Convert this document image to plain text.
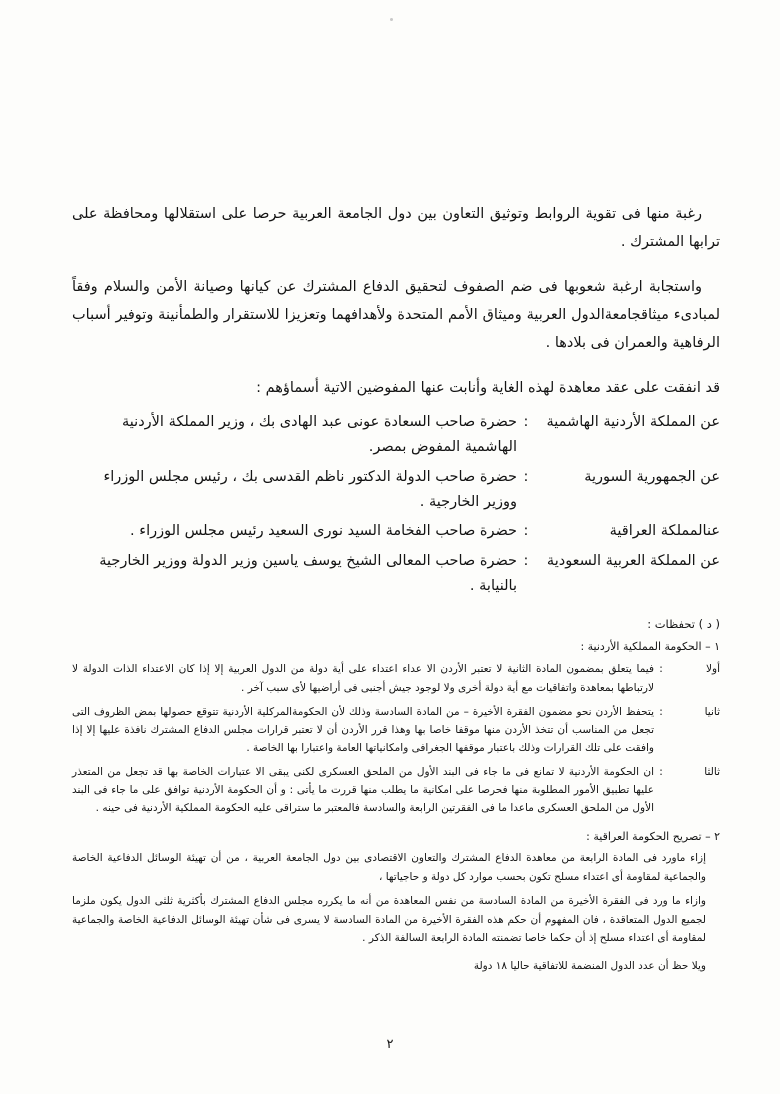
رغبة منها فى تقوية الروابط وتوثيق التعاون بين دول الجامعة العربية حرصا على استقلالها ومحافظة على ترابها المشترك .

واستجابة ارغبة شعوبها فى ضم الصفوف لتحقيق الدفاع المشترك عن كيانها وصيانة الأمن والسلام وفقاً لمبادىء ميثاقجامعةالدول العربية وميثاق الأمم المتحدة ولأهدافهما وتعزيزا للاستقرار والطمأنينة وتوفير أسباب الرفاهية والعمران فى بلادها .

قد انفقت على عقد معاهدة لهذه الغاية وأنابت عنها المفوضين الاتية أسماؤهم :

عن المملكة الأردنية الهاشمية	:	حضرة صاحب السعادة عونى عبد الهادى بك ، وزير المملكة الأردنية الهاشمية المفوض بمصر.
عن الجمهورية السورية	:	حضرة صاحب الدولة الدكتور ناظم القدسى بك ، رئيس مجلس الوزراء ووزير الخارجية .
عنالمملكة العراقية	:	حضرة صاحب الفخامة السيد نورى السعيد رئيس مجلس الوزراء .
عن المملكة العربية السعودية	:	حضرة صاحب المعالى الشيخ يوسف ياسين وزير الدولة ووزير الخارجية بالنيابة .

( د ) تحفظات :

١ – الحكومة المملكية الأردنية :

أولا	:	فيما يتعلق بمضمون المادة الثانية لا تعتبر الأردن الا عداء اعتداء على أية دولة من الدول العربية إلا إذا كان الاعتداء الذات الدولة لا لارتباطها بمعاهدة واتفاقيات مع أية دولة أخرى ولا لوجود جيش أجنبى فى أراضيها لأى سبب آخر .
ثانيا	:	يتحفظ الأردن نحو مضمون الفقرة الأخيرة – من المادة السادسة وذلك لأن الحكومةالمركلية الأردنية تتوقع حصولها بمض الظروف التى تجعل من المناسب أن تتخذ الأردن منها موقفا خاصا بها وهذا قرر الأردن أن لا تعتبر قرارات مجلس الدفاع المشترك نافذة عليها إلا إذا وافقت على تلك القرارات وذلك باعتبار موقفها الجغرافى وامكانياتها العامة واعتبارا بها الخاصة .
ثالثا	:	ان الحكومة الأردنية لا تمانع فى ما جاء فى البند الأول من الملحق العسكرى لكنى يبقى الا عتبارات الخاصة بها قد تجعل من المتعذر عليها تطبيق الأمور المطلوبة منها فحرصا على امكانية ما يطلب منها قررت ما يأتى : و أن الحكومة الأردنية توافق على ما جاء فى البند الأول من الملحق العسكرى ماعدا ما فى الفقرتين الرابعة والسادسة فالمعتبر ما ستراقى عليه الحكومة المملكية الأردنية فى حينه .

٢ – تصريح الحكومة العراقية :

إزاء ماورد فى المادة الرابعة من معاهدة الدفاع المشترك والتعاون الاقتصادى بين دول الجامعة العربية ، من أن تهيئة الوسائل الدفاعية الخاصة والجماعية لمقاومة أى اعتداء مسلح تكون بحسب موارد كل دولة و حاجياتها ،

وازاء ما ورد فى الفقرة الأخيرة من المادة السادسة من نفس المعاهدة من أنه ما يكرره مجلس الدفاع المشترك بأكثرية ثلثى الدول يكون ملزما لجميع الدول المتعاقدة ، فان المفهوم أن حكم هذه الفقرة الأخيرة من المادة السادسة لا يسرى فى شأن تهيئة الوسائل الدفاعية الخاصة والجماعية لمقاومة أى اعتداء مسلح إذ أن حكما خاصا تضمنته المادة الرابعة السالفة الذكر .

ويلا حظ أن عدد الدول المنضمة للاتفاقية حاليا ١٨ دولة

٢
